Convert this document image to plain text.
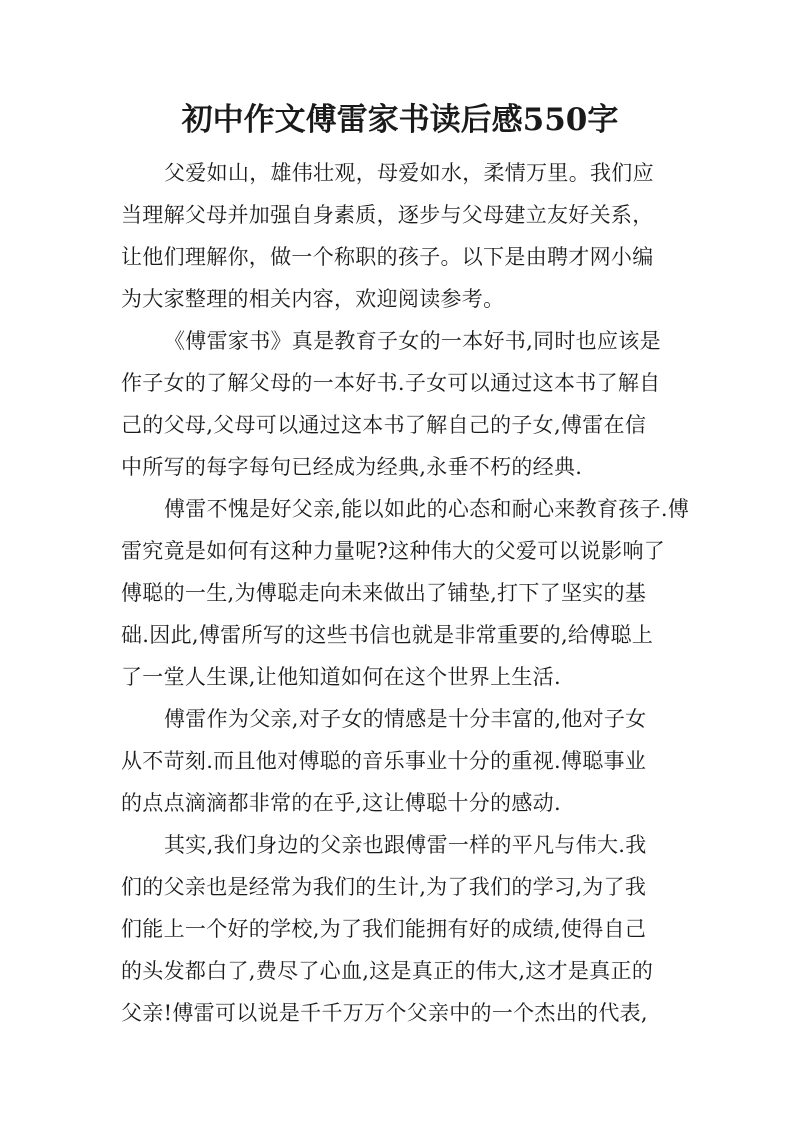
初中作文傅雷家书读后感550字

父爱如山，雄伟壮观，母爱如水，柔情万里。我们应

当理解父母并加强自身素质，逐步与父母建立友好关系，

让他们理解你，做一个称职的孩子。以下是由聘才网小编

为大家整理的相关内容，欢迎阅读参考。

《傅雷家书》真是教育子女的一本好书,同时也应该是

作子女的了解父母的一本好书.子女可以通过这本书了解自

己的父母,父母可以通过这本书了解自己的子女,傅雷在信

中所写的每字每句已经成为经典,永垂不朽的经典.

傅雷不愧是好父亲,能以如此的心态和耐心来教育孩子.傅

雷究竟是如何有这种力量呢?这种伟大的父爱可以说影响了

傅聪的一生,为傅聪走向未来做出了铺垫,打下了坚实的基

础.因此,傅雷所写的这些书信也就是非常重要的,给傅聪上

了一堂人生课,让他知道如何在这个世界上生活.

傅雷作为父亲,对子女的情感是十分丰富的,他对子女

从不苛刻.而且他对傅聪的音乐事业十分的重视.傅聪事业

的点点滴滴都非常的在乎,这让傅聪十分的感动.

其实,我们身边的父亲也跟傅雷一样的平凡与伟大.我

们的父亲也是经常为我们的生计,为了我们的学习,为了我

们能上一个好的学校,为了我们能拥有好的成绩,使得自己

的头发都白了,费尽了心血,这是真正的伟大,这才是真正的

父亲!傅雷可以说是千千万万个父亲中的一个杰出的代表,
